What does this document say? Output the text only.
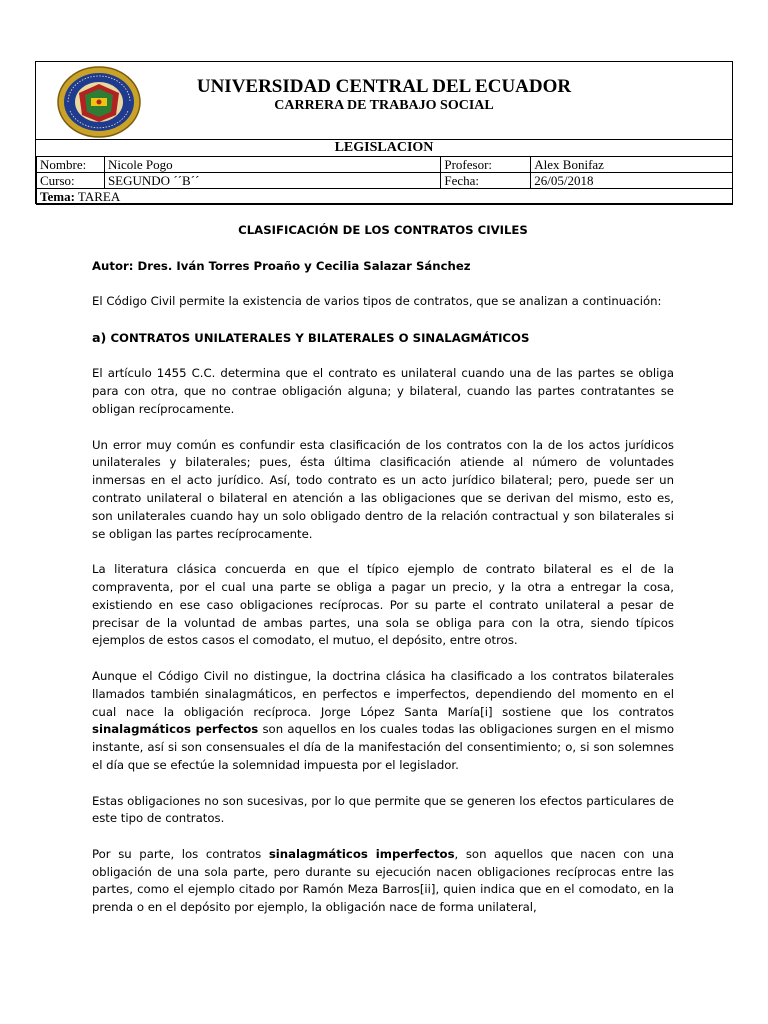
UNIVERSIDAD CENTRAL DEL ECUADOR
CARRERA DE TRABAJO SOCIAL
LEGISLACION
Nombre:	Nicole Pogo	Profesor:	Alex Bonifaz
Curso:	SEGUNDO ´´B´´	Fecha:	26/05/2018
Tema: TAREA			

CLASIFICACIÓN DE LOS CONTRATOS CIVILES

Autor: Dres. Iván Torres Proaño y Cecilia Salazar Sánchez

El Código Civil permite la existencia de varios tipos de contratos, que se analizan a continuación:

a) CONTRATOS UNILATERALES Y BILATERALES O SINALAGMÁTICOS

El artículo 1455 C.C. determina que el contrato es unilateral cuando una de las partes se obliga para con otra, que no contrae obligación alguna; y bilateral, cuando las partes contratantes se obligan recíprocamente.

Un error muy común es confundir esta clasificación de los contratos con la de los actos jurídicos unilaterales y bilaterales; pues, ésta última clasificación atiende al número de voluntades inmersas en el acto jurídico. Así, todo contrato es un acto jurídico bilateral; pero, puede ser un contrato unilateral o bilateral en atención a las obligaciones que se derivan del mismo, esto es, son unilaterales cuando hay un solo obligado dentro de la relación contractual y son bilaterales si se obligan las partes recíprocamente.

La literatura clásica concuerda en que el típico ejemplo de contrato bilateral es el de la compraventa, por el cual una parte se obliga a pagar un precio, y la otra a entregar la cosa, existiendo en ese caso obligaciones recíprocas. Por su parte el contrato unilateral a pesar de precisar de la voluntad de ambas partes, una sola se obliga para con la otra, siendo típicos ejemplos de estos casos el comodato, el mutuo, el depósito, entre otros.

Aunque el Código Civil no distingue, la doctrina clásica ha clasificado a los contratos bilaterales llamados también sinalagmáticos, en perfectos e imperfectos, dependiendo del momento en el cual nace la obligación recíproca. Jorge López Santa María[i] sostiene que los contratos sinalagmáticos perfectos son aquellos en los cuales todas las obligaciones surgen en el mismo instante, así si son consensuales el día de la manifestación del consentimiento; o, si son solemnes el día que se efectúe la solemnidad impuesta por el legislador.

Estas obligaciones no son sucesivas, por lo que permite que se generen los efectos particulares de este tipo de contratos.

Por su parte, los contratos sinalagmáticos imperfectos, son aquellos que nacen con una obligación de una sola parte, pero durante su ejecución nacen obligaciones recíprocas entre las partes, como el ejemplo citado por Ramón Meza Barros[ii], quien indica que en el comodato, en la prenda o en el depósito por ejemplo, la obligación nace de forma unilateral,
